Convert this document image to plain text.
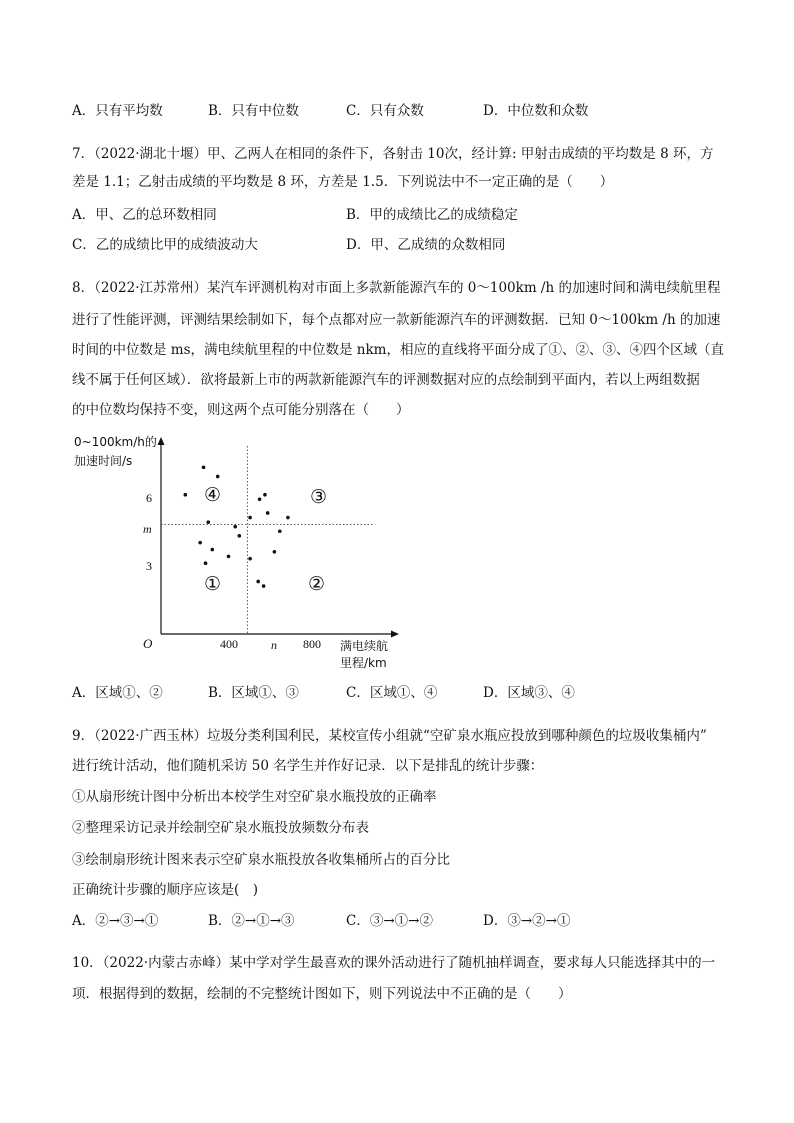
A．只有平均数	B．只有中位数	C．只有众数	D．中位数和众数
7．（2022·湖北十堰）甲、乙两人在相同的条件下，各射击 10次，经计算: 甲射击成绩的平均数是 8 环，方
差是 1.1；乙射击成绩的平均数是 8 环，方差是 1.5．下列说法中不一定正确的是（　　）
A．甲、乙的总环数相同	B．甲的成绩比乙的成绩稳定
C．乙的成绩比甲的成绩波动大	D．甲、乙成绩的众数相同
8．（2022·江苏常州）某汽车评测机构对市面上多款新能源汽车的 0～100km /h 的加速时间和满电续航里程
进行了性能评测，评测结果绘制如下，每个点都对应一款新能源汽车的评测数据．已知 0～100km /h 的加速
时间的中位数是 ms，满电续航里程的中位数是 nkm，相应的直线将平面分成了①、②、③、④四个区域（直
线不属于任何区域）．欲将最新上市的两款新能源汽车的评测数据对应的点绘制到平面内，若以上两组数据
的中位数均保持不变，则这两个点可能分别落在（　　）
0~100km/h的
加速时间/s
O	400	n 800
6
m
3
满电续航
里程/km
①	②
③
④
A．区域①、②	B．区域①、③	C．区域①、④	D．区域③、④
9．（2022·广西玉林）垃圾分类利国利民，某校宣传小组就“空矿泉水瓶应投放到哪种颜色的垃圾收集桶内”
进行统计活动，他们随机采访 50 名学生并作好记录．以下是排乱的统计步骤：
①从扇形统计图中分析出本校学生对空矿泉水瓶投放的正确率
②整理采访记录并绘制空矿泉水瓶投放频数分布表
③绘制扇形统计图来表示空矿泉水瓶投放各收集桶所占的百分比
正确统计步骤的顺序应该是(　)
A．②→③→①	B．②→①→③	C．③→①→②	D．③→②→①
10．（2022·内蒙古赤峰）某中学对学生最喜欢的课外活动进行了随机抽样调查，要求每人只能选择其中的一
项．根据得到的数据，绘制的不完整统计图如下，则下列说法中不正确的是（　　）
